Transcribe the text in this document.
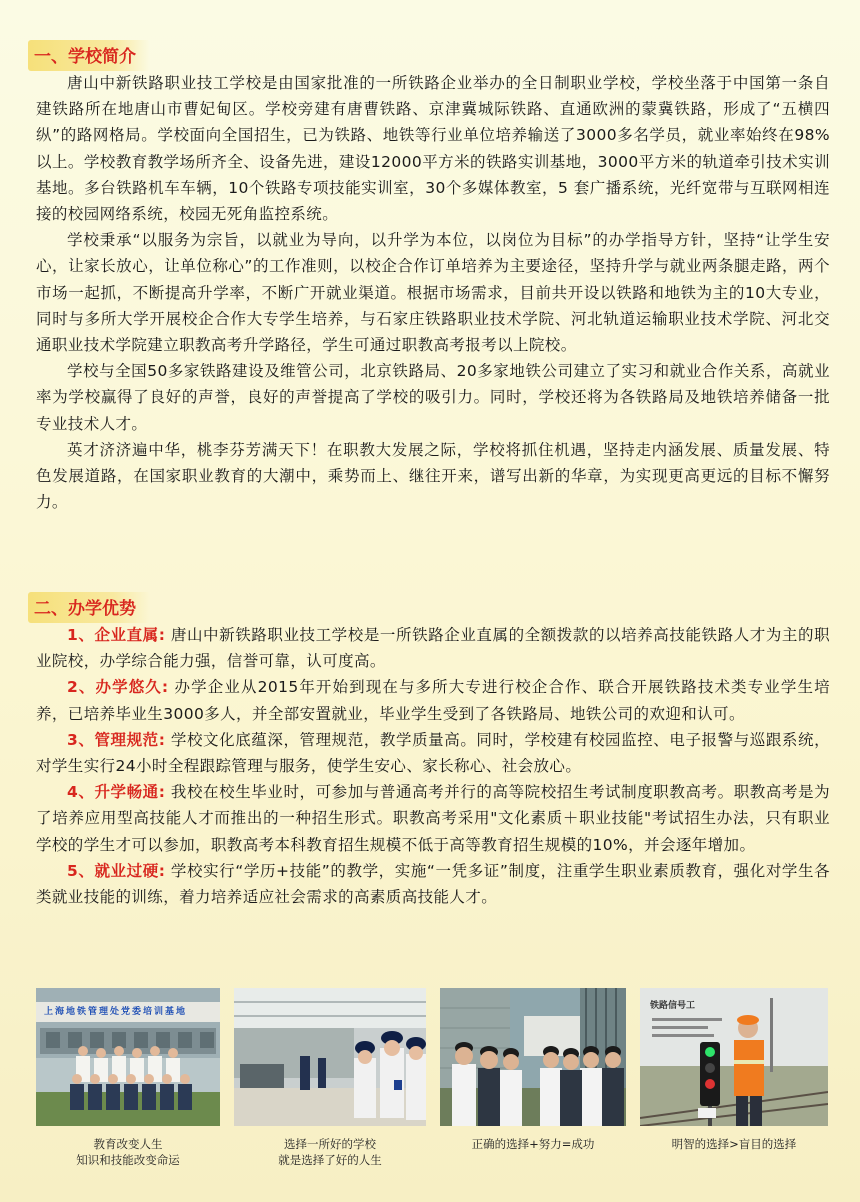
一、学校简介

唐山中新铁路职业技工学校是由国家批准的一所铁路企业举办的全日制职业学校，学校坐落于中国第一条自建铁路所在地唐山市曹妃甸区。学校旁建有唐曹铁路、京津冀城际铁路、直通欧洲的蒙冀铁路，形成了“五横四纵”的路网格局。学校面向全国招生，已为铁路、地铁等行业单位培养输送了3000多名学员，就业率始终在98%以上。学校教育教学场所齐全、设备先进，建设12000平方米的铁路实训基地，3000平方米的轨道牵引技术实训基地。多台铁路机车车辆，10个铁路专项技能实训室，30个多媒体教室，5 套广播系统，光纤宽带与互联网相连接的校园网络系统，校园无死角监控系统。

学校秉承“以服务为宗旨，以就业为导向，以升学为本位，以岗位为目标”的办学指导方针，坚持“让学生安心，让家长放心，让单位称心”的工作准则，以校企合作订单培养为主要途径，坚持升学与就业两条腿走路，两个市场一起抓，不断提高升学率，不断广开就业渠道。根据市场需求，目前共开设以铁路和地铁为主的10大专业，同时与多所大学开展校企合作大专学生培养，与石家庄铁路职业技术学院、河北轨道运输职业技术学院、河北交通职业技术学院建立职教高考升学路径，学生可通过职教高考报考以上院校。

学校与全国50多家铁路建设及维管公司，北京铁路局、20多家地铁公司建立了实习和就业合作关系，高就业率为学校赢得了良好的声誉，良好的声誉提高了学校的吸引力。同时，学校还将为各铁路局及地铁培养储备一批专业技术人才。

英才济济遍中华，桃李芬芳满天下！在职教大发展之际，学校将抓住机遇，坚持走内涵发展、质量发展、特色发展道路，在国家职业教育的大潮中，乘势而上、继往开来，谱写出新的华章，为实现更高更远的目标不懈努力。

二、办学优势

1、企业直属: 唐山中新铁路职业技工学校是一所铁路企业直属的全额拨款的以培养高技能铁路人才为主的职业院校，办学综合能力强，信誉可靠，认可度高。

2、办学悠久: 办学企业从2015年开始到现在与多所大专进行校企合作、联合开展铁路技术类专业学生培养，已培养毕业生3000多人，并全部安置就业，毕业学生受到了各铁路局、地铁公司的欢迎和认可。

3、管理规范: 学校文化底蕴深，管理规范，教学质量高。同时，学校建有校园监控、电子报警与巡跟系统，对学生实行24小时全程跟踪管理与服务，使学生安心、家长称心、社会放心。

4、升学畅通: 我校在校生毕业时，可参加与普通高考并行的高等院校招生考试制度职教高考。职教高考是为了培养应用型高技能人才而推出的一种招生形式。职教高考采用"文化素质＋职业技能"考试招生办法，只有职业学校的学生才可以参加，职教高考本科教育招生规模不低于高等教育招生规模的10%，并会逐年增加。

5、就业过硬: 学校实行“学历+技能”的教学，实施“一凭多证”制度，注重学生职业素质教育，强化对学生各类就业技能的训练，着力培养适应社会需求的高素质高技能人才。

上海地铁管理处党委培训基地
教育改变人生
知识和技能改变命运
选择一所好的学校
就是选择了好的人生
正确的选择+努力=成功
铁路信号工
明智的选择>盲目的选择
